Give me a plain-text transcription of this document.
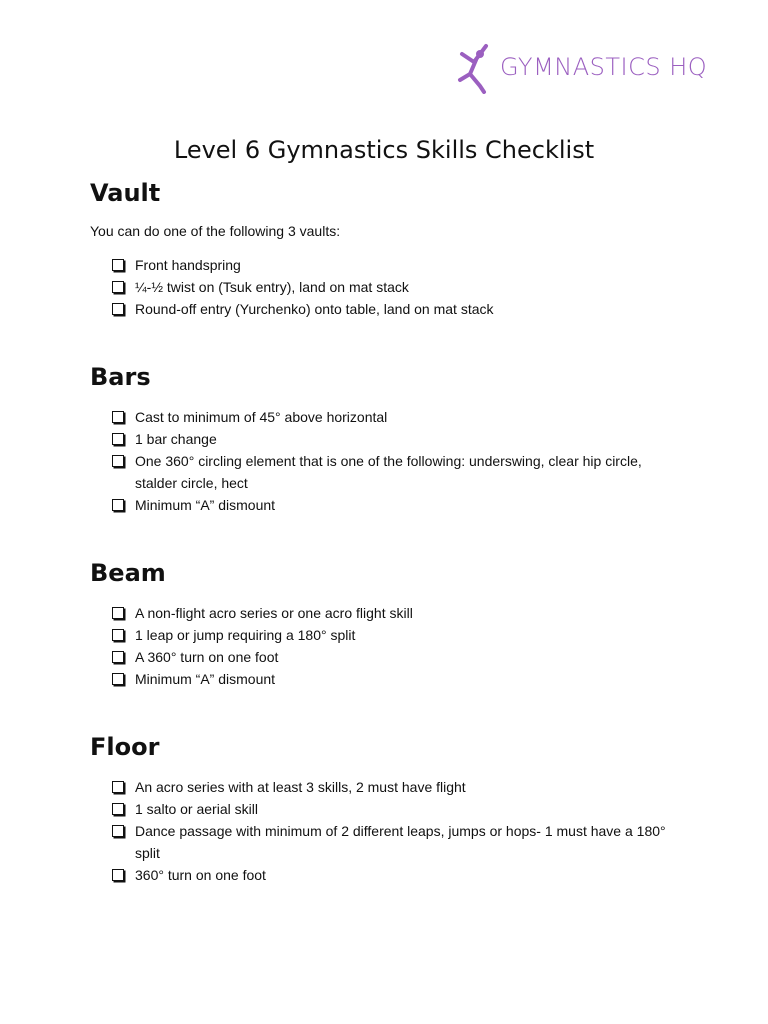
GYMNASTICS HQ
Level 6 Gymnastics Skills Checklist
Vault

You can do one of the following 3 vaults:

Front handspring
¼-½ twist on (Tsuk entry), land on mat stack
Round-off entry (Yurchenko) onto table, land on mat stack
Bars
Cast to minimum of 45° above horizontal
1 bar change
One 360° circling element that is one of the following: underswing, clear hip circle, stalder circle, hect
Minimum “A” dismount
Beam
A non-flight acro series or one acro flight skill
1 leap or jump requiring a 180° split
A 360° turn on one foot
Minimum “A” dismount
Floor
An acro series with at least 3 skills, 2 must have flight
1 salto or aerial skill
Dance passage with minimum of 2 different leaps, jumps or hops- 1 must have a 180° split
360° turn on one foot
